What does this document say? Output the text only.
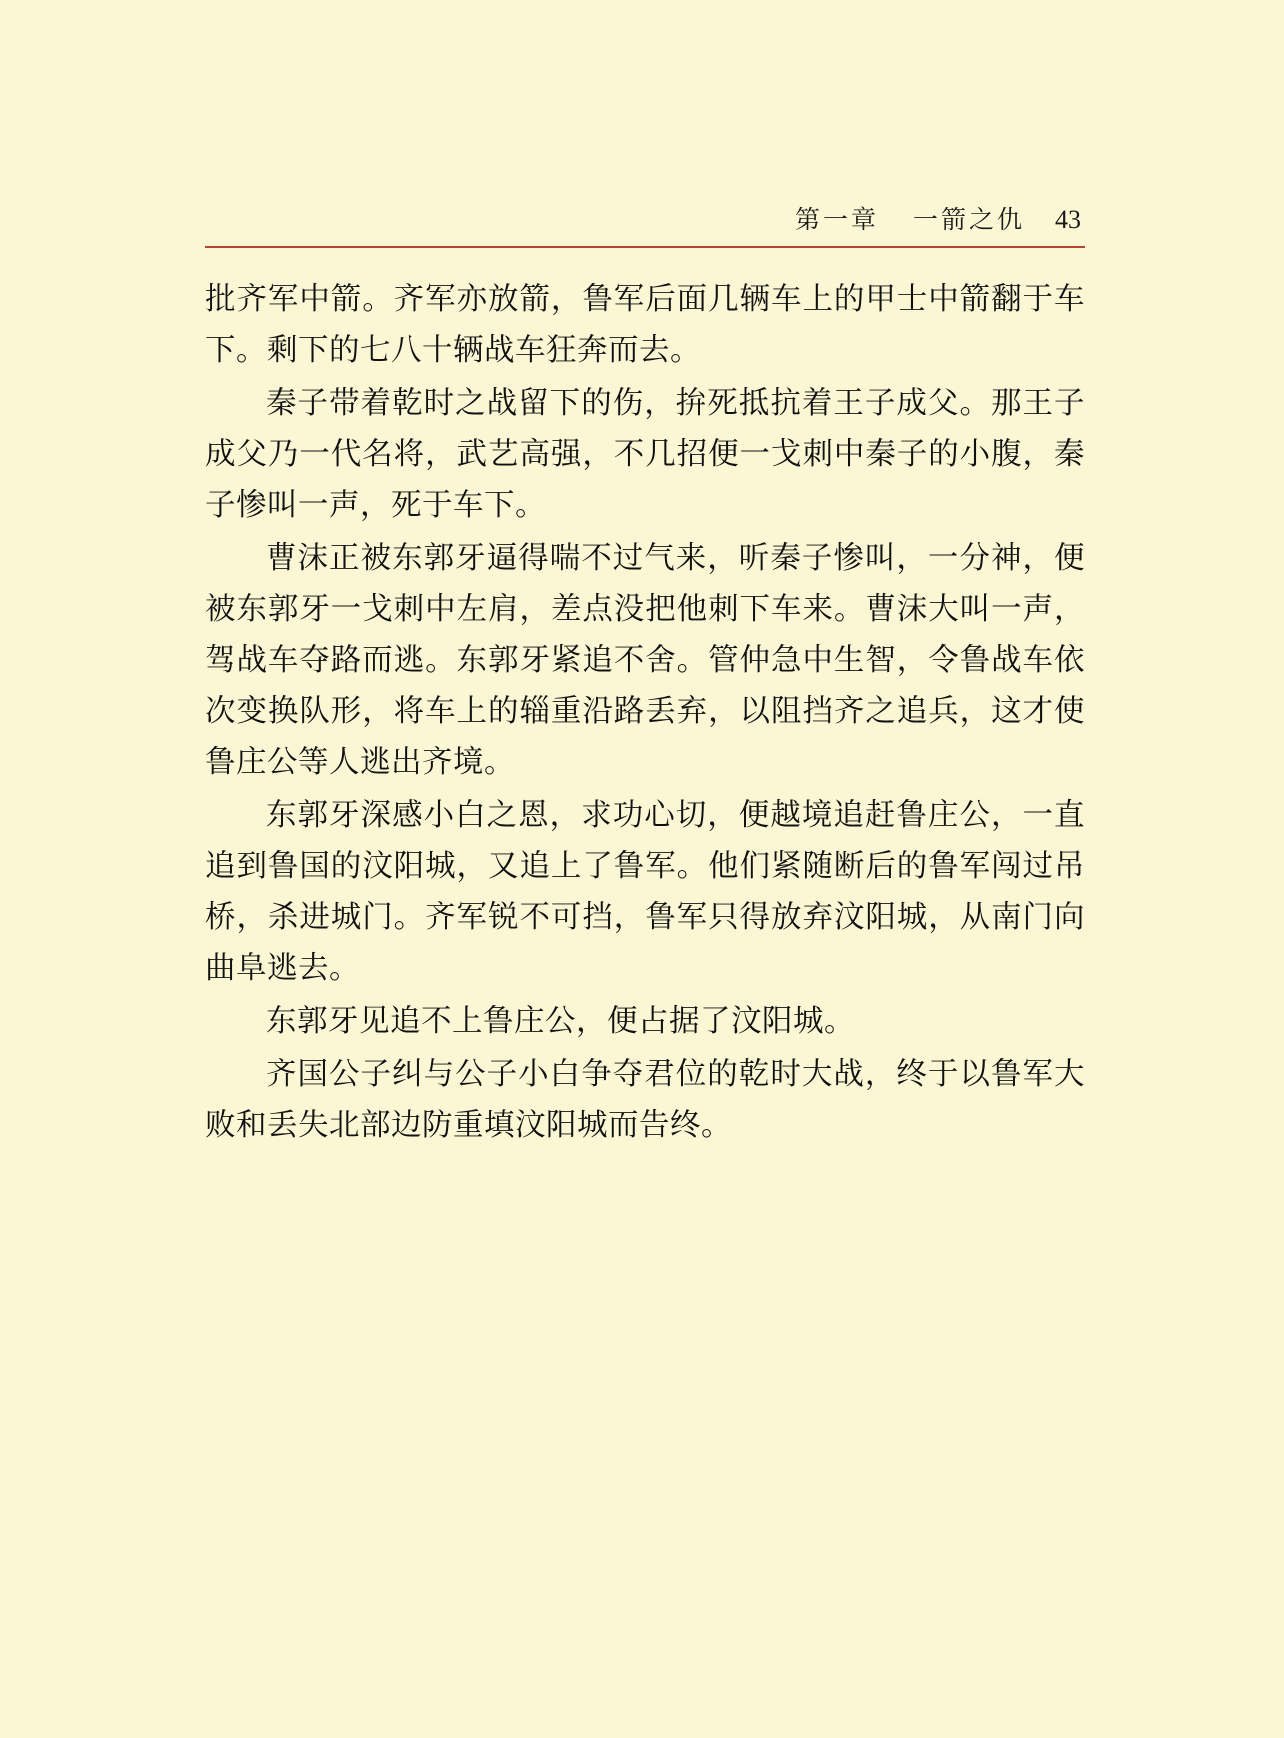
第一章 一箭之仇 43

批齐军中箭。齐军亦放箭，鲁军后面几辆车上的甲士中箭翻于车下。剩下的七八十辆战车狂奔而去。

秦子带着乾时之战留下的伤，拚死抵抗着王子成父。那王子成父乃一代名将，武艺高强，不几招便一戈刺中秦子的小腹，秦子惨叫一声，死于车下。

曹沫正被东郭牙逼得喘不过气来，听秦子惨叫，一分神，便被东郭牙一戈刺中左肩，差点没把他刺下车来。曹沫大叫一声，驾战车夺路而逃。东郭牙紧追不舍。管仲急中生智，令鲁战车依次变换队形，将车上的辎重沿路丢弃，以阻挡齐之追兵，这才使鲁庄公等人逃出齐境。

东郭牙深感小白之恩，求功心切，便越境追赶鲁庄公，一直追到鲁国的汶阳城，又追上了鲁军。他们紧随断后的鲁军闯过吊桥，杀进城门。齐军锐不可挡，鲁军只得放弃汶阳城，从南门向曲阜逃去。

东郭牙见追不上鲁庄公，便占据了汶阳城。

齐国公子纠与公子小白争夺君位的乾时大战，终于以鲁军大败和丢失北部边防重填汶阳城而告终。
